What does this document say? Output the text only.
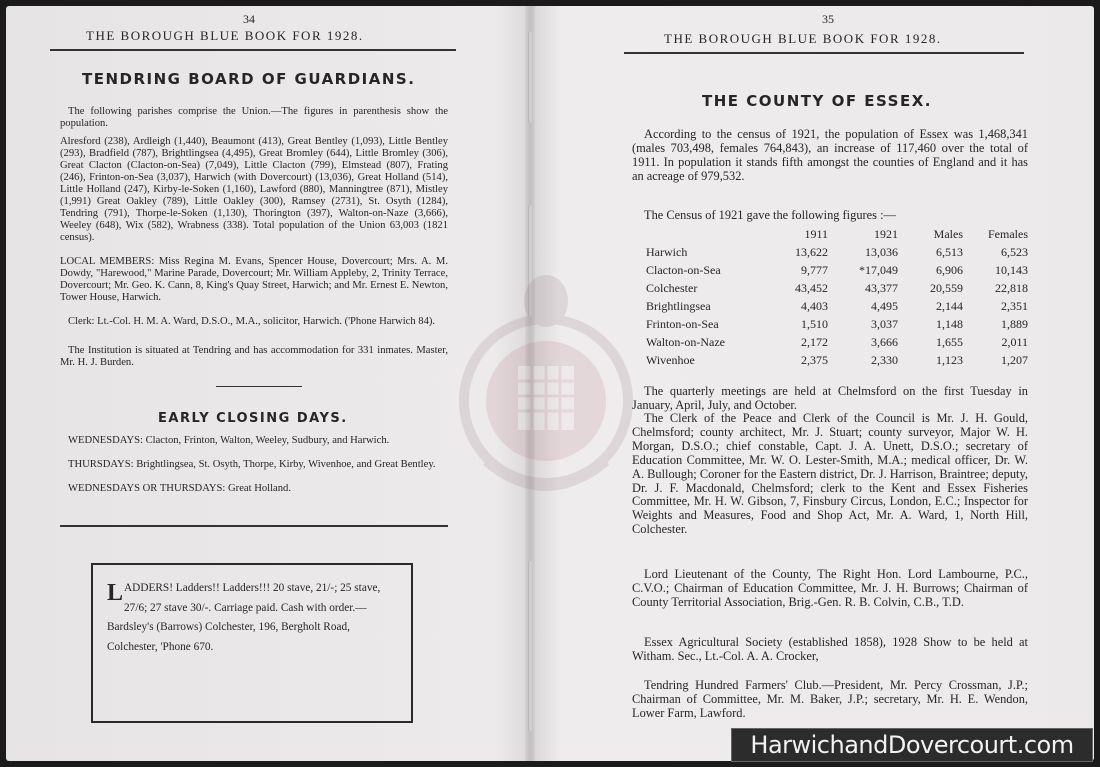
34
THE BOROUGH BLUE BOOK FOR 1928.
TENDRING BOARD OF GUARDIANS.

The following parishes comprise the Union.—The figures in parenthesis show the population.

Alresford (238), Ardleigh (1,440), Beaumont (413), Great Bentley (1,093), Little Bentley (293), Bradfield (787), Brightlingsea (4,495), Great Bromley (644), Little Bromley (306), Great Clacton (Clacton-on-Sea) (7,049), Little Clacton (799), Elmstead (807), Frating (246), Frinton-on-Sea (3,037), Harwich (with Dovercourt) (13,036), Great Holland (514), Little Holland (247), Kirby-le-Soken (1,160), Lawford (880), Manningtree (871), Mistley (1,991) Great Oakley (789), Little Oakley (300), Ramsey (2731), St. Osyth (1284), Tendring (791), Thorpe-le-Soken (1,130), Thorington (397), Walton-on-Naze (3,666), Weeley (648), Wix (582), Wrabness (338). Total population of the Union 63,003 (1821 census).

LOCAL MEMBERS: Miss Regina M. Evans, Spencer House, Dovercourt; Mrs. A. M. Dowdy, "Harewood," Marine Parade, Dovercourt; Mr. William Appleby, 2, Trinity Terrace, Dovercourt; Mr. Geo. K. Cann, 8, King's Quay Street, Harwich; and Mr. Ernest E. Newton, Tower House, Harwich.

Clerk: Lt.-Col. H. M. A. Ward, D.S.O., M.A., solicitor, Harwich. ('Phone Harwich 84).

The Institution is situated at Tendring and has accommodation for 331 inmates. Master, Mr. H. J. Burden.

EARLY CLOSING DAYS.

WEDNESDAYS: Clacton, Frinton, Walton, Weeley, Sudbury, and Harwich.

THURSDAYS: Brightlingsea, St. Osyth, Thorpe, Kirby, Wivenhoe, and Great Bentley.

WEDNESDAYS OR THURSDAYS: Great Holland.

LADDERS! Ladders!! Ladders!!! 20 stave, 21/-; 25 stave, 27/6; 27 stave 30/-. Carriage paid. Cash with order.—Bardsley's (Barrows) Colchester, 196, Bergholt Road, Colchester, 'Phone 670.
35
THE BOROUGH BLUE BOOK FOR 1928.
THE COUNTY OF ESSEX.

According to the census of 1921, the population of Essex was 1,468,341 (males 703,498, females 764,843), an increase of 117,460 over the total of 1911. In population it stands fifth amongst the counties of England and it has an acreage of 979,532.

The Census of 1921 gave the following figures :—

	1911	1921	Males	Females
Harwich	13,622	13,036	6,513	6,523
Clacton-on-Sea	9,777	*17,049	6,906	10,143
Colchester	43,452	43,377	20,559	22,818
Brightlingsea	4,403	4,495	2,144	2,351
Frinton-on-Sea	1,510	3,037	1,148	1,889
Walton-on-Naze	2,172	3,666	1,655	2,011
Wivenhoe	2,375	2,330	1,123	1,207

The quarterly meetings are held at Chelmsford on the first Tuesday in January, April, July, and October.

The Clerk of the Peace and Clerk of the Council is Mr. J. H. Gould, Chelmsford; county architect, Mr. J. Stuart; county surveyor, Major W. H. Morgan, D.S.O.; chief constable, Capt. J. A. Unett, D.S.O.; secretary of Education Committee, Mr. W. O. Lester-Smith, M.A.; medical officer, Dr. W. A. Bullough; Coroner for the Eastern district, Dr. J. Harrison, Braintree; deputy, Dr. J. F. Macdonald, Chelmsford; clerk to the Kent and Essex Fisheries Committee, Mr. H. W. Gibson, 7, Finsbury Circus, London, E.C.; Inspector for Weights and Measures, Food and Shop Act, Mr. A. Ward, 1, North Hill, Colchester.

Lord Lieutenant of the County, The Right Hon. Lord Lambourne, P.C., C.V.O.; Chairman of Education Committee, Mr. J. H. Burrows; Chairman of County Territorial Association, Brig.-Gen. R. B. Colvin, C.B., T.D.

Essex Agricultural Society (established 1858), 1928 Show to be held at Witham. Sec., Lt.-Col. A. A. Crocker,

Tendring Hundred Farmers' Club.—President, Mr. Percy Crossman, J.P.; Chairman of Committee, Mr. M. Baker, J.P.; secretary, Mr. H. E. Wendon, Lower Farm, Lawford.

HarwichandDovercourt.com
